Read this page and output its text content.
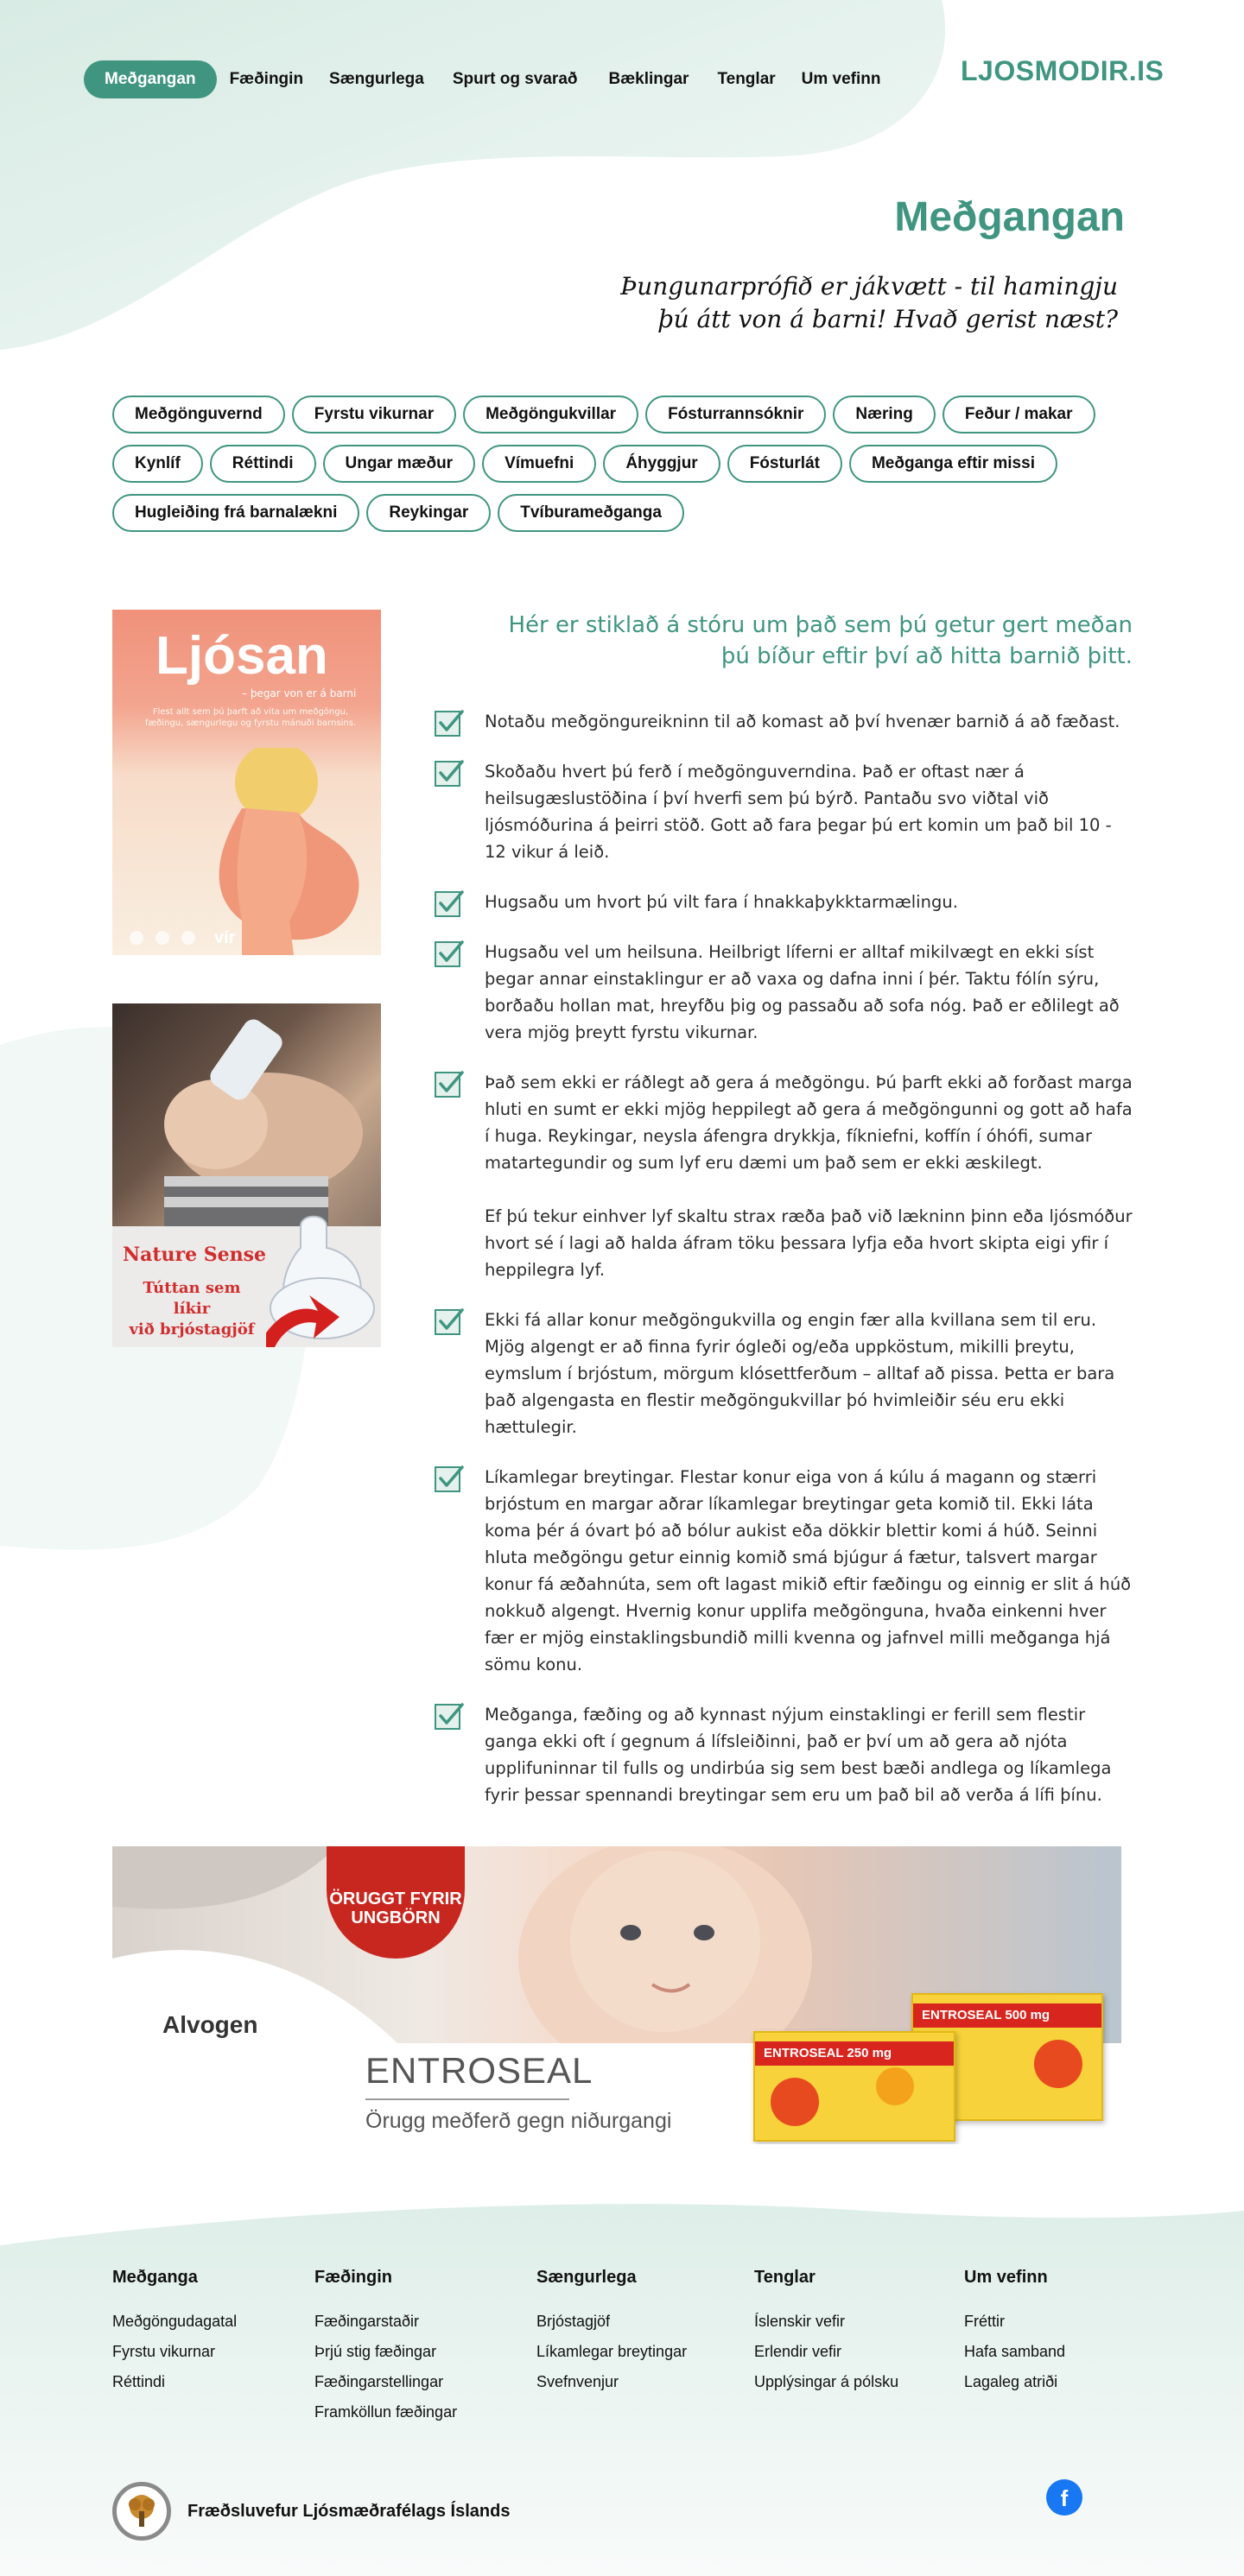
Meðgangan	Fæðingin	Sængurlega	Spurt og svarað	Bæklingar	Tenglar	Um vefinn	LJOSMODIR.IS
Meðgangan
Þungunarprófið er jákvætt - til hamingju
þú átt von á barni! Hvað gerist næst?
Meðgönguvernd	Fyrstu vikurnar	Meðgöngukvillar	Fósturrannsóknir	Næring	Feður / makar
Kynlíf	Réttindi	Ungar mæður	Vímuefni	Áhyggjur	Fósturlát	Meðganga eftir missi
Hugleiðing frá barnalækni	Reykingar	Tvíburameðganga
Ljósan
– þegar von er á barni
Flest allt sem þú þarft að vita um meðgöngu, fæðingu, sængurlegu og fyrstu mánuði barnsins.
vír
Nature Sense
Túttan sem líkir
við brjóstagjöf
Hér er stiklað á stóru um það sem þú getur gert meðan
þú bíður eftir því að hitta barnið þitt.

Notaðu meðgöngureikninn til að komast að því hvenær barnið á að fæðast.

Skoðaðu hvert þú ferð í meðgönguverndina. Það er oftast nær á heilsugæslustöðina í því hverfi sem þú býrð. Pantaðu svo viðtal við ljósmóðurina á þeirri stöð. Gott að fara þegar þú ert komin um það bil 10 - 12 vikur á leið.

Hugsaðu um hvort þú vilt fara í hnakkaþykktarmælingu.

Hugsaðu vel um heilsuna. Heilbrigt líferni er alltaf mikilvægt en ekki síst þegar annar einstaklingur er að vaxa og dafna inni í þér. Taktu fólín sýru, borðaðu hollan mat, hreyfðu þig og passaðu að sofa nóg. Það er eðlilegt að vera mjög þreytt fyrstu vikurnar.

Það sem ekki er ráðlegt að gera á meðgöngu. Þú þarft ekki að forðast marga hluti en sumt er ekki mjög heppilegt að gera á meðgöngunni og gott að hafa í huga. Reykingar, neysla áfengra drykkja, fíkniefni, koffín í óhófi, sumar matartegundir og sum lyf eru dæmi um það sem er ekki æskilegt.

Ef þú tekur einhver lyf skaltu strax ræða það við lækninn þinn eða ljósmóður hvort sé í lagi að halda áfram töku þessara lyfja eða hvort skipta eigi yfir í heppilegra lyf.

Ekki fá allar konur meðgöngukvilla og engin fær alla kvillana sem til eru. Mjög algengt er að finna fyrir ógleði og/eða uppköstum, mikilli þreytu, eymslum í brjóstum, mörgum klósettferðum – alltaf að pissa. Þetta er bara það algengasta en flestir meðgöngukvillar þó hvimleiðir séu eru ekki hættulegir.

Líkamlegar breytingar. Flestar konur eiga von á kúlu á magann og stærri brjóstum en margar aðrar líkamlegar breytingar geta komið til. Ekki láta koma þér á óvart þó að bólur aukist eða dökkir blettir komi á húð. Seinni hluta meðgöngu getur einnig komið smá bjúgur á fætur, talsvert margar konur fá æðahnúta, sem oft lagast mikið eftir fæðingu og einnig er slit á húð nokkuð algengt. Hvernig konur upplifa meðgönguna, hvaða einkenni hver fær er mjög einstaklingsbundið milli kvenna og jafnvel milli meðganga hjá sömu konu.

Meðganga, fæðing og að kynnast nýjum einstaklingi er ferill sem flestir ganga ekki oft í gegnum á lífsleiðinni, það er því um að gera að njóta upplifuninnar til fulls og undirbúa sig sem best bæði andlega og líkamlega fyrir þessar spennandi breytingar sem eru um það bil að verða á lífi þínu.

ÖRUGGT FYRIR UNGBÖRN
Alvogen
ENTROSEAL
Örugg meðferð gegn niðurgangi
ENTROSEAL 500 mg
ENTROSEAL 250 mg
Meðganga
Meðgöngudagatal
Fyrstu vikurnar
Réttindi
Fæðingin
Fæðingarstaðir
Þrjú stig fæðingar
Fæðingarstellingar
Framköllun fæðingar
Sængurlega
Brjóstagjöf
Líkamlegar breytingar
Svefnvenjur
Tenglar
Íslenskir vefir
Erlendir vefir
Upplýsingar á pólsku
Um vefinn
Fréttir
Hafa samband
Lagaleg atriði
Fræðsluvefur Ljósmæðrafélags Íslands	f
